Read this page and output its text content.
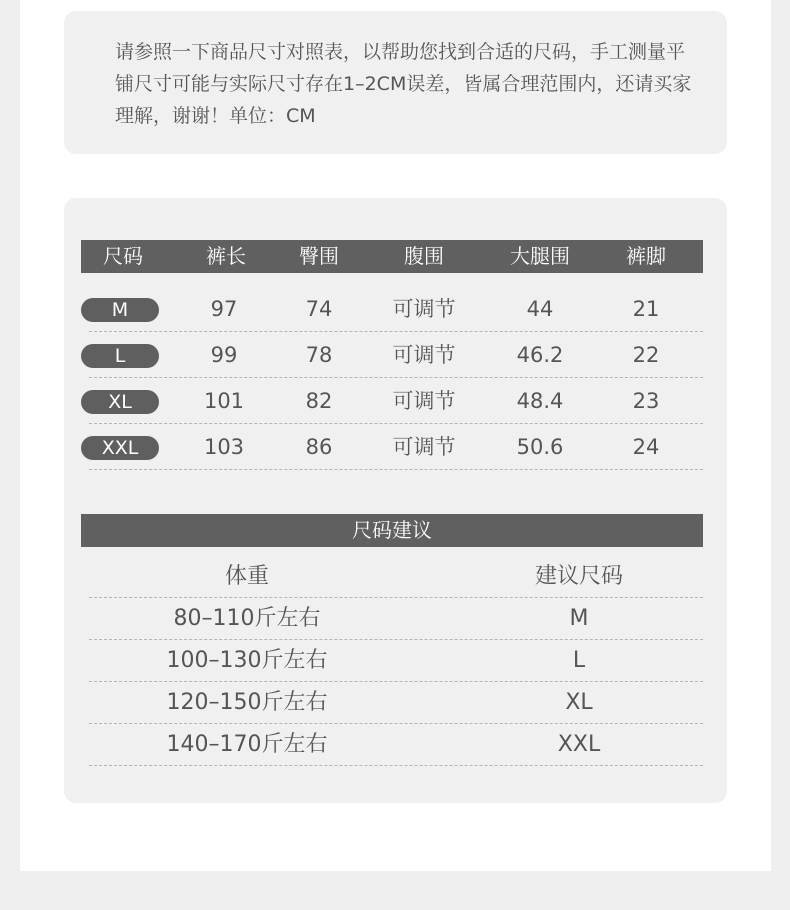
请参照一下商品尺寸对照表，以帮助您找到合适的尺码，手工测量平铺尺寸可能与实际尺寸存在1–2CM误差，皆属合理范围内，还请买家理解，谢谢！单位：CM

尺码	裤长	臀围	腹围	大腿围	裤脚
M	97	74	可调节	44	21
L	99	78	可调节	46.2	22
XL	101	82	可调节	48.4	23
XXL	103	86	可调节	50.6	24
尺码建议
体重	建议尺码
80–110斤左右	M
100–130斤左右	L
120–150斤左右	XL
140–170斤左右	XXL
